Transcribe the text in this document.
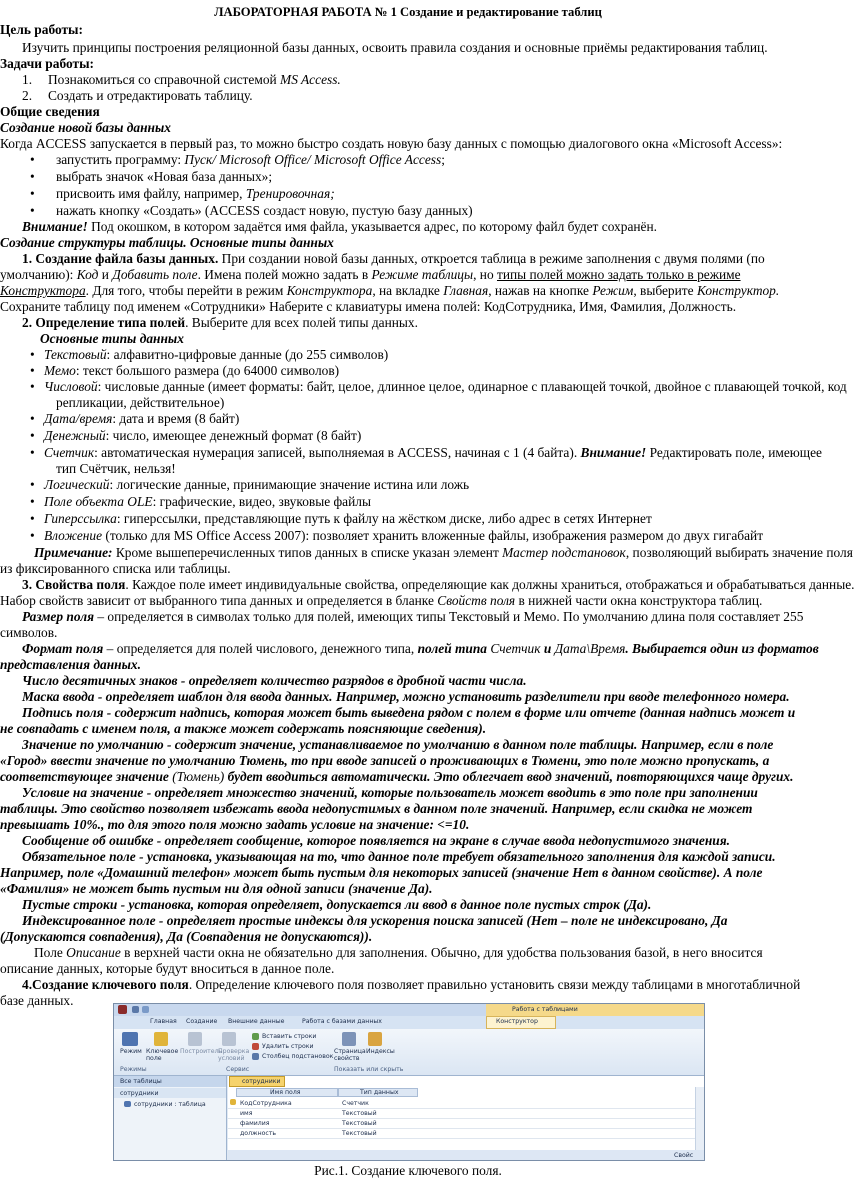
ЛАБОРАТОРНАЯ РАБОТА № 1 Создание и редактирование таблиц
Цель работы:
Изучить принципы построения реляционной базы данных, освоить правила создания и основные приёмы редактирования таблиц.
Задачи работы:
1. Познакомиться со справочной системой MS Access.
2. Создать и отредактировать таблицу.
Общие сведения
Создание новой базы данных
Когда ACCESS запускается в первый раз, то можно быстро создать новую базу данных с помощью диалогового окна «Microsoft Access»:
• запустить программу: Пуск/ Microsoft Office/ Microsoft Office Access;
• выбрать значок «Новая база данных»;
• присвоить имя файлу, например, Тренировочная;
• нажать кнопку «Создать» (ACCESS создаст новую, пустую базу данных)
Внимание! Под окошком, в котором задаётся имя файла, указывается адрес, по которому файл будет сохранён.
Создание структуры таблицы. Основные типы данных
1. Создание файла базы данных. При создании новой базы данных, откроется таблица в режиме заполнения с двумя полями (по
умолчанию): Код и Добавить поле. Имена полей можно задать в Режиме таблицы, но типы полей можно задать только в режиме
Конструктора. Для того, чтобы перейти в режим Конструктора, на вкладке Главная, нажав на кнопке Режим, выберите Конструктор.
Сохраните таблицу под именем «Сотрудники» Наберите с клавиатуры имена полей: КодСотрудника, Имя, Фамилия, Должность.
2. Определение типа полей. Выберите для всех полей типы данных.
Основные типы данных
• Текстовый: алфавитно-цифровые данные (до 255 символов)
• Мемо: текст большого размера (до 64000 символов)
• Числовой: числовые данные (имеет форматы: байт, целое, длинное целое, одинарное с плавающей точкой, двойное с плавающей точкой, код
репликации, действительное)
• Дата/время: дата и время (8 байт)
• Денежный: число, имеющее денежный формат (8 байт)
• Счетчик: автоматическая нумерация записей, выполняемая в ACCESS, начиная с 1 (4 байта). Внимание! Редактировать поле, имеющее
тип Счётчик, нельзя!
• Логический: логические данные, принимающие значение истина или ложь
• Поле объекта OLE: графические, видео, звуковые файлы
• Гиперссылка: гиперссылки, представляющие путь к файлу на жёстком диске, либо адрес в сетях Интернет
• Вложение (только для MS Office Access 2007): позволяет хранить вложенные файлы, изображения размером до двух гигабайт
Примечание: Кроме вышеперечисленных типов данных в списке указан элемент Мастер подстановок, позволяющий выбирать значение поля
из фиксированного списка или таблицы.
3. Свойства поля. Каждое поле имеет индивидуальные свойства, определяющие как должны храниться, отображаться и обрабатываться данные.
Набор свойств зависит от выбранного типа данных и определяется в бланке Свойств поля в нижней части окна конструктора таблиц.
Размер поля – определяется в символах только для полей, имеющих типы Текстовый и Мемо. По умолчанию длина поля составляет 255
символов.
Формат поля – определяется для полей числового, денежного типа, полей типа Счетчик и Дата\Время. Выбирается один из форматов
представления данных.
Число десятичных знаков - определяет количество разрядов в дробной части числа.
Маска ввода - определяет шаблон для ввода данных. Например, можно установить разделители при вводе телефонного номера.
Подпись поля - содержит надпись, которая может быть выведена рядом с полем в форме или отчете (данная надпись может и
не совпадать с именем поля, а также может содержать поясняющие сведения).
Значение по умолчанию - содержит значение, устанавливаемое по умолчанию в данном поле таблицы. Например, если в поле
«Город» ввести значение по умолчанию Тюмень, то при вводе записей о проживающих в Тюмени, это поле можно пропускать, а
соответствующее значение (Тюмень) будет вводиться автоматически. Это облегчает ввод значений, повторяющихся чаще других.
Условие на значение - определяет множество значений, которые пользователь может вводить в это поле при заполнении
таблицы. Это свойство позволяет избежать ввода недопустимых в данном поле значений. Например, если скидка не может
превышать 10%., то для этого поля можно задать условие на значение: <=10.
Сообщение об ошибке - определяет сообщение, которое появляется на экране в случае ввода недопустимого значения.
Обязательное поле - установка, указывающая на то, что данное поле требует обязательного заполнения для каждой записи.
Например, поле «Домашний телефон» может быть пустым для некоторых записей (значение Нет в данном свойстве). А поле
«Фамилия» не может быть пустым ни для одной записи (значение Да).
Пустые строки - установка, которая определяет, допускается ли ввод в данное поле пустых строк (Да).
Индексированное поле - определяет простые индексы для ускорения поиска записей (Нет – поле не индексировано, Да
(Допускаются совпадения), Да (Совпадения не допускаются)).
Поле Описание в верхней части окна не обязательно для заполнения. Обычно, для удобства пользования базой, в него вносится
описание данных, которые будут вноситься в данное поле.
4.Создание ключевого поля. Определение ключевого поля позволяет правильно установить связи между таблицами в многотабличной
базе данных.
Работа с таблицами
Главная Создание Внешние данные	Работа с базами данных	Конструктор
Режим Ключевое поле
Построитель
Проверка условий
Вставить строки
Удалить строки
Столбец подстановок
Страница свойств
Индексы
Режимы	Сервис	Показать или скрыть
Все таблицы
сотрудники
сотрудники : таблица
сотрудники
Имя поля	Тип данных
КодСотрудника	Счетчик
имя	Текстовый
фамилия	Текстовый
должность	Текстовый
Свойс
Рис.1. Создание ключевого поля.
